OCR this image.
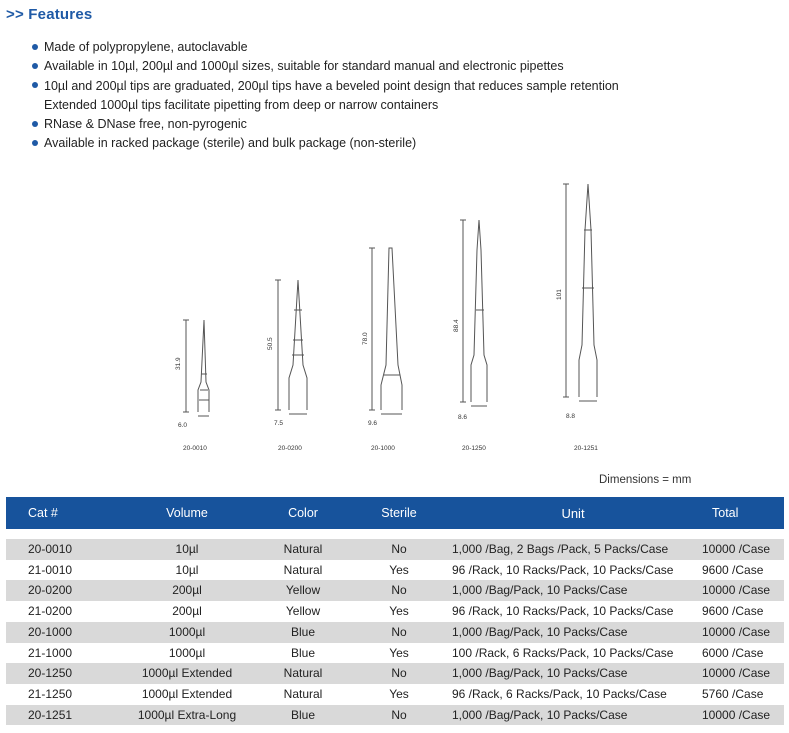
>> Features
Made of polypropylene, autoclavable
Available in 10µl, 200µl and 1000µl sizes, suitable for standard manual and electronic pipettes
10µl and 200µl tips are graduated, 200µl tips have a beveled point design that reduces sample retention
Extended 1000µl tips facilitate pipetting from deep or narrow containers
RNase & DNase free, non-pyrogenic
Available in racked package (sterile) and bulk package (non-sterile)
31.9
6.0
20-0010
50.5
7.5
20-0200
78.0
9.6
20-1000
88.4
8.6
20-1250
101
8.8
20-1251
Dimensions = mm
Cat #	Volume	Color	Sterile	Unit	Total

20-0010	10µl	Natural	No	1,000 /Bag, 2 Bags /Pack, 5 Packs/Case	10000 /Case
21-0010	10µl	Natural	Yes	96 /Rack, 10 Racks/Pack, 10 Packs/Case	9600 /Case
20-0200	200µl	Yellow	No	1,000 /Bag/Pack, 10 Packs/Case	10000 /Case
21-0200	200µl	Yellow	Yes	96 /Rack, 10 Racks/Pack, 10 Packs/Case	9600 /Case
20-1000	1000µl	Blue	No	1,000 /Bag/Pack, 10 Packs/Case	10000 /Case
21-1000	1000µl	Blue	Yes	100 /Rack, 6 Racks/Pack, 10 Packs/Case	6000 /Case
20-1250	1000µl Extended	Natural	No	1,000 /Bag/Pack, 10 Packs/Case	10000 /Case
21-1250	1000µl Extended	Natural	Yes	96 /Rack, 6 Racks/Pack, 10 Packs/Case	5760 /Case
20-1251	1000µl Extra-Long	Blue	No	1,000 /Bag/Pack, 10 Packs/Case	10000 /Case
